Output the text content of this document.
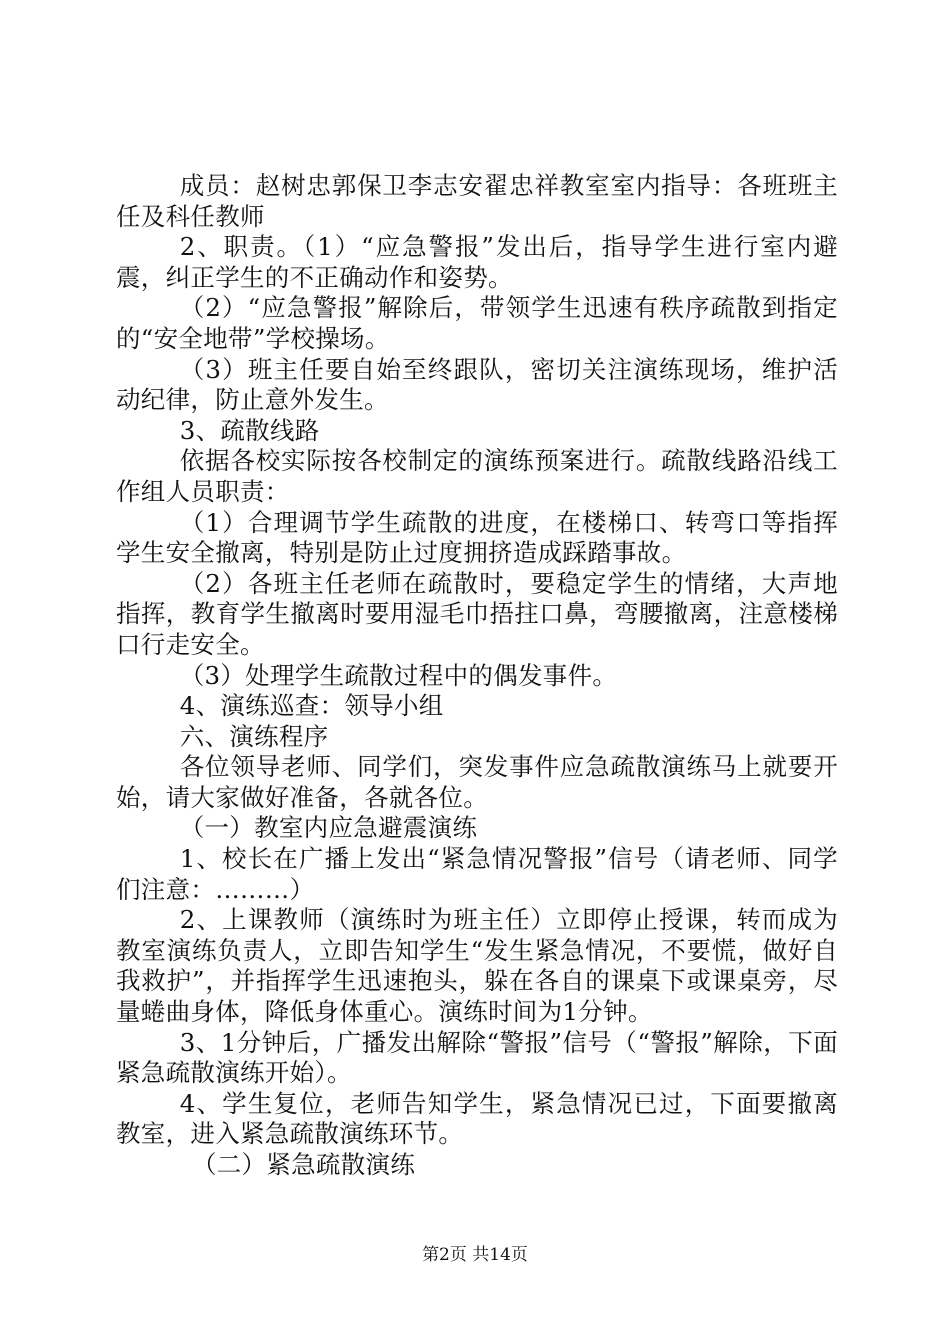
成员：赵树忠郭保卫李志安翟忠祥教室室内指导：各班班主任及科任教师

2、职责。（1）“应急警报”发出后，指导学生进行室内避震，纠正学生的不正确动作和姿势。

（2）“应急警报”解除后，带领学生迅速有秩序疏散到指定的“安全地带”学校操场。

（3）班主任要自始至终跟队，密切关注演练现场，维护活动纪律，防止意外发生。

3、疏散线路

依据各校实际按各校制定的演练预案进行。疏散线路沿线工作组人员职责：

（1）合理调节学生疏散的进度，在楼梯口、转弯口等指挥学生安全撤离，特别是防止过度拥挤造成踩踏事故。

（2）各班主任老师在疏散时，要稳定学生的情绪，大声地指挥，教育学生撤离时要用湿毛巾捂拄口鼻，弯腰撤离，注意楼梯口行走安全。

（3）处理学生疏散过程中的偶发事件。

4、演练巡查：领导小组

六、演练程序

各位领导老师、同学们，突发事件应急疏散演练马上就要开始，请大家做好准备，各就各位。

（一）教室内应急避震演练

1、校长在广播上发出“紧急情况警报”信号（请老师、同学们注意：………）

2、上课教师（演练时为班主任）立即停止授课，转而成为教室演练负责人，立即告知学生“发生紧急情况，不要慌，做好自我救护”，并指挥学生迅速抱头，躲在各自的课桌下或课桌旁，尽量蜷曲身体，降低身体重心。演练时间为1分钟。

3、1分钟后，广播发出解除“警报”信号（“警报”解除，下面紧急疏散演练开始）。

4、学生复位，老师告知学生，紧急情况已过，下面要撤离教室，进入紧急疏散演练环节。

（二）紧急疏散演练

第2页 共14页
